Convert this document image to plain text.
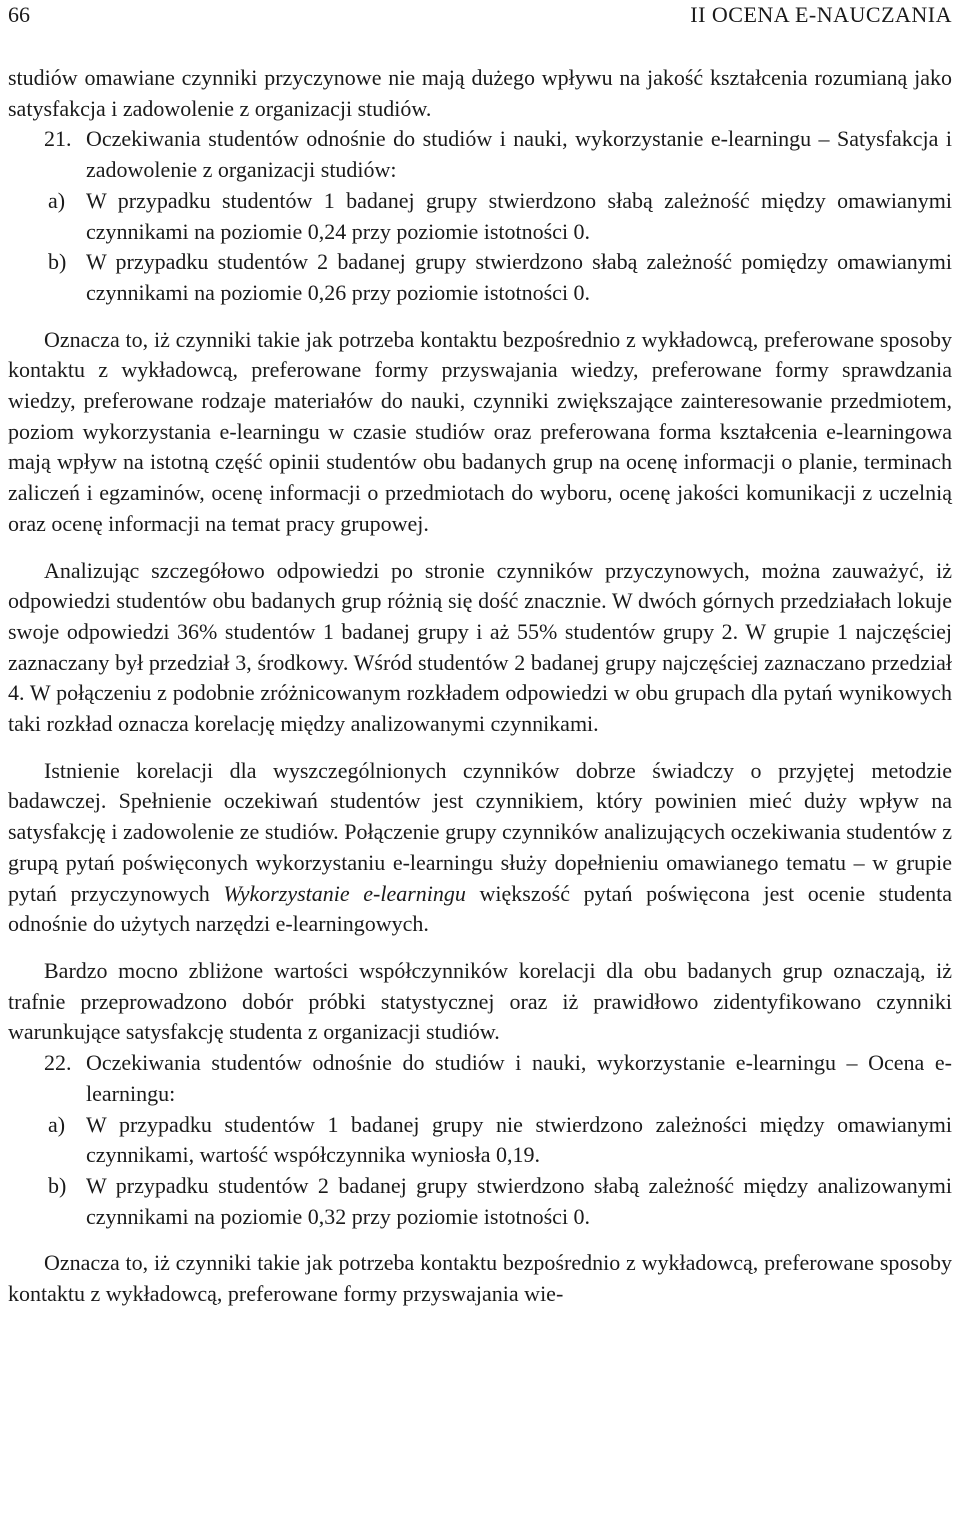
66	II OCENA E-NAUCZANIA

studiów omawiane czynniki przyczynowe nie mają dużego wpływu na jakość kształcenia rozumianą jako satysfakcja i zadowolenie z organizacji studiów.

21. Oczekiwania studentów odnośnie do studiów i nauki, wykorzystanie e-learningu – Satysfakcja i zadowolenie z organizacji studiów:

a) W przypadku studentów 1 badanej grupy stwierdzono słabą zależność między omawianymi czynnikami na poziomie 0,24 przy poziomie istotności 0.

b) W przypadku studentów 2 badanej grupy stwierdzono słabą zależność pomiędzy omawianymi czynnikami na poziomie 0,26 przy poziomie istotności 0.

Oznacza to, iż czynniki takie jak potrzeba kontaktu bezpośrednio z wykładowcą, preferowane sposoby kontaktu z wykładowcą, preferowane formy przyswajania wiedzy, preferowane formy sprawdzania wiedzy, preferowane rodzaje materiałów do nauki, czynniki zwiększające zainteresowanie przedmiotem, poziom wykorzystania e-learningu w czasie studiów oraz preferowana forma kształcenia e-learningowa mają wpływ na istotną część opinii studentów obu badanych grup na ocenę informacji o planie, terminach zaliczeń i egzaminów, ocenę informacji o przedmiotach do wyboru, ocenę jakości komunikacji z uczelnią oraz ocenę informacji na temat pracy grupowej.

Analizując szczegółowo odpowiedzi po stronie czynników przyczynowych, można zauważyć, iż odpowiedzi studentów obu badanych grup różnią się dość znacznie. W dwóch górnych przedziałach lokuje swoje odpowiedzi 36% studentów 1 badanej grupy i aż 55% studentów grupy 2. W grupie 1 najczęściej zaznaczany był przedział 3, środkowy. Wśród studentów 2 badanej grupy najczęściej zaznaczano przedział 4. W połączeniu z podobnie zróżnicowanym rozkładem odpowiedzi w obu grupach dla pytań wynikowych taki rozkład oznacza korelację między analizowanymi czynnikami.

Istnienie korelacji dla wyszczególnionych czynników dobrze świadczy o przyjętej metodzie badawczej. Spełnienie oczekiwań studentów jest czynnikiem, który powinien mieć duży wpływ na satysfakcję i zadowolenie ze studiów. Połączenie grupy czynników analizujących oczekiwania studentów z grupą pytań poświęconych wykorzystaniu e-learningu służy dopełnieniu omawianego tematu – w grupie pytań przyczynowych Wykorzystanie e-learningu większość pytań poświęcona jest ocenie studenta odnośnie do użytych narzędzi e-learningowych.

Bardzo mocno zbliżone wartości współczynników korelacji dla obu badanych grup oznaczają, iż trafnie przeprowadzono dobór próbki statystycznej oraz iż prawidłowo zidentyfikowano czynniki warunkujące satysfakcję studenta z organizacji studiów.

22. Oczekiwania studentów odnośnie do studiów i nauki, wykorzystanie e-learningu – Ocena e-learningu:

a) W przypadku studentów 1 badanej grupy nie stwierdzono zależności między omawianymi czynnikami, wartość współczynnika wyniosła 0,19.

b) W przypadku studentów 2 badanej grupy stwierdzono słabą zależność między analizowanymi czynnikami na poziomie 0,32 przy poziomie istotności 0.

Oznacza to, iż czynniki takie jak potrzeba kontaktu bezpośrednio z wykładowcą, preferowane sposoby kontaktu z wykładowcą, preferowane formy przyswajania wie-
